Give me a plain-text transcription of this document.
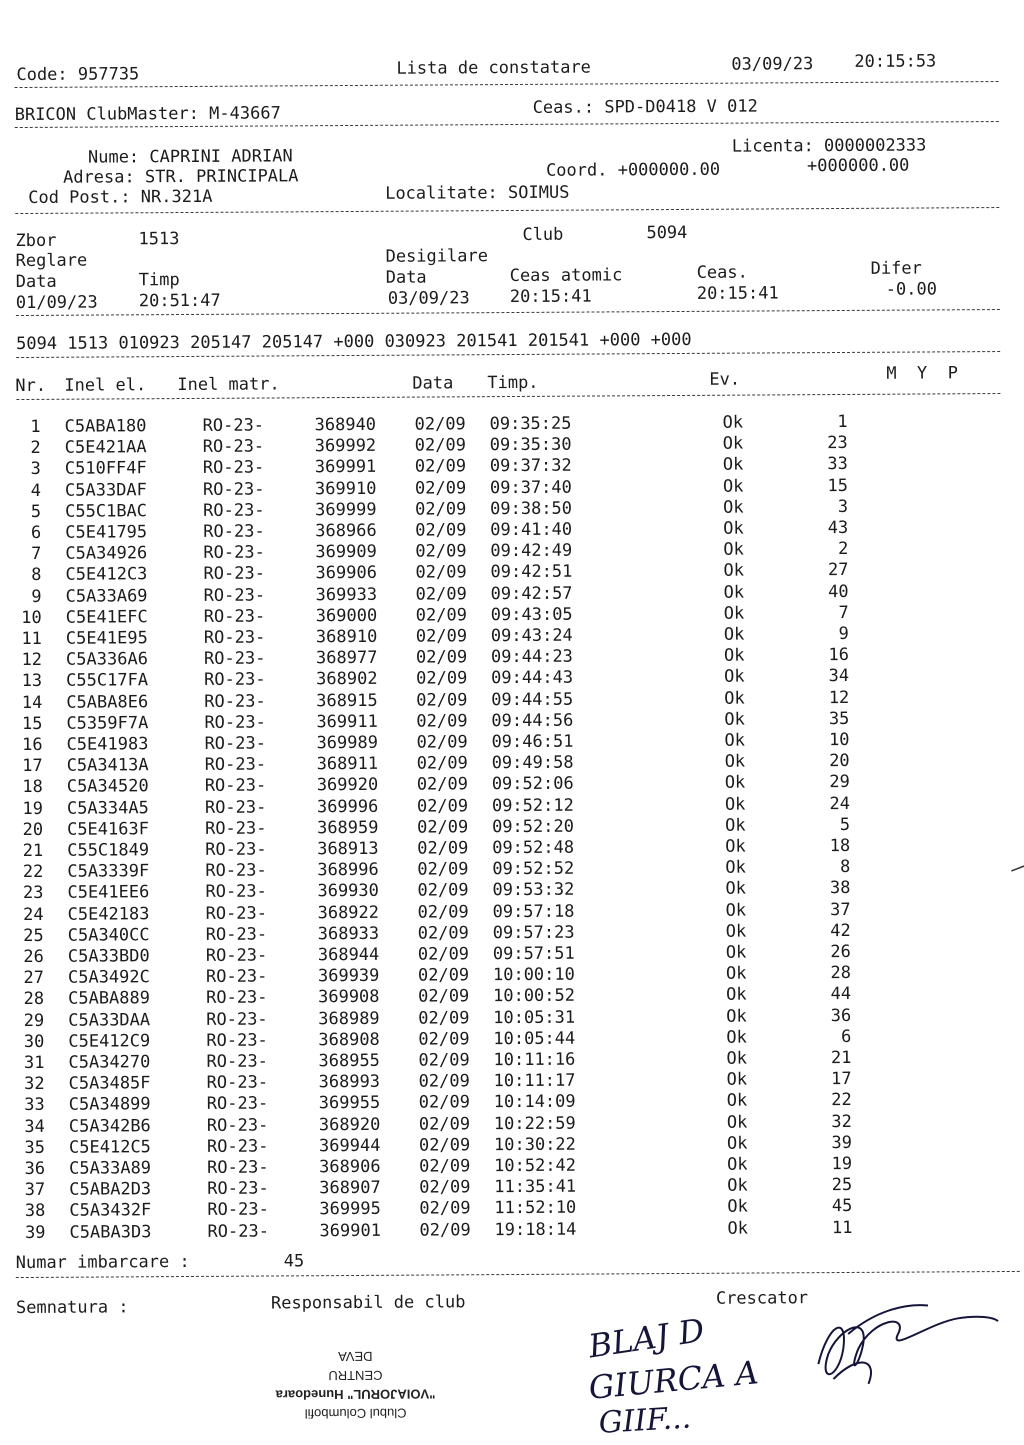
Code: 957735	Lista de constatare	03/09/23 20:15:53
BRICON ClubMaster: M-43667	Ceas.: SPD-D0418 V 012
Nume: CAPRINI ADRIAN
Licenta: 0000002333
Adresa: STR. PRINCIPALA	Coord. +000000.00	+000000.00
Cod Post.: NR.321A	Localitate: SOIMUS
Zbor	1513	Club	5094
Reglare	Desigilare
Data	Timp	Data	Ceas atomic	Ceas.	Difer
01/09/23 20:51:47	03/09/23 20:15:41	20:15:41	-0.00
5094 1513 010923 205147 205147 +000 030923 201541 201541 +000 +000
Nr. Inel el. Inel matr.	Data Timp.	Ev.	M  Y  P
1 C5ABA180	RO-23-	368940 02/09 09:35:25	Ok	1
2 C5E421AA	RO-23-	369992 02/09 09:35:30	Ok	23
3 C510FF4F	RO-23-	369991 02/09 09:37:32	Ok	33
4 C5A33DAF	RO-23-	369910 02/09 09:37:40	Ok	15
5 C55C1BAC	RO-23-	369999 02/09 09:38:50	Ok	3
6 C5E41795	RO-23-	368966 02/09 09:41:40	Ok	43
7 C5A34926	RO-23-	369909 02/09 09:42:49	Ok	2
8 C5E412C3	RO-23-	369906 02/09 09:42:51	Ok	27
9 C5A33A69	RO-23-	369933 02/09 09:42:57	Ok	40
10 C5E41EFC	RO-23-	369000 02/09 09:43:05	Ok	7
11 C5E41E95	RO-23-	368910 02/09 09:43:24	Ok	9
12 C5A336A6	RO-23-	368977 02/09 09:44:23	Ok	16
13 C55C17FA	RO-23-	368902 02/09 09:44:43	Ok	34
14 C5ABA8E6	RO-23-	368915 02/09 09:44:55	Ok	12
15 C5359F7A	RO-23-	369911 02/09 09:44:56	Ok	35
16 C5E41983	RO-23-	369989 02/09 09:46:51	Ok	10
17 C5A3413A	RO-23-	368911 02/09 09:49:58	Ok	20
18 C5A34520	RO-23-	369920 02/09 09:52:06	Ok	29
19 C5A334A5	RO-23-	369996 02/09 09:52:12	Ok	24
20 C5E4163F	RO-23-	368959 02/09 09:52:20	Ok	5
21 C55C1849	RO-23-	368913 02/09 09:52:48	Ok	18
22 C5A3339F	RO-23-	368996 02/09 09:52:52	Ok	8
23 C5E41EE6	RO-23-	369930 02/09 09:53:32	Ok	38
24 C5E42183	RO-23-	368922 02/09 09:57:18	Ok	37
25 C5A340CC	RO-23-	368933 02/09 09:57:23	Ok	42
26 C5A33BD0	RO-23-	368944 02/09 09:57:51	Ok	26
27 C5A3492C	RO-23-	369939 02/09 10:00:10	Ok	28
28 C5ABA889	RO-23-	369908 02/09 10:00:52	Ok	44
29 C5A33DAA	RO-23-	368989 02/09 10:05:31	Ok	36
30 C5E412C9	RO-23-	368908 02/09 10:05:44	Ok	6
31 C5A34270	RO-23-	368955 02/09 10:11:16	Ok	21
32 C5A3485F	RO-23-	368993 02/09 10:11:17	Ok	17
33 C5A34899	RO-23-	369955 02/09 10:14:09	Ok	22
34 C5A342B6	RO-23-	368920 02/09 10:22:59	Ok	32
35 C5E412C5	RO-23-	369944 02/09 10:30:22	Ok	39
36 C5A33A89	RO-23-	368906 02/09 10:52:42	Ok	19
37 C5ABA2D3	RO-23-	368907 02/09 11:35:41	Ok	25
38 C5A3432F	RO-23-	369995 02/09 11:52:10	Ok	45
39 C5ABA3D3	RO-23-	369901 02/09 19:18:14	Ok	11
Numar imbarcare :	45
Semnatura :	Responsabil de club	Crescator
Clubul Columbofil
"VOIAJORUL" Hunedoara
CENTRU
DEVA	BLAJ D
GIURCA A
GIIF...
